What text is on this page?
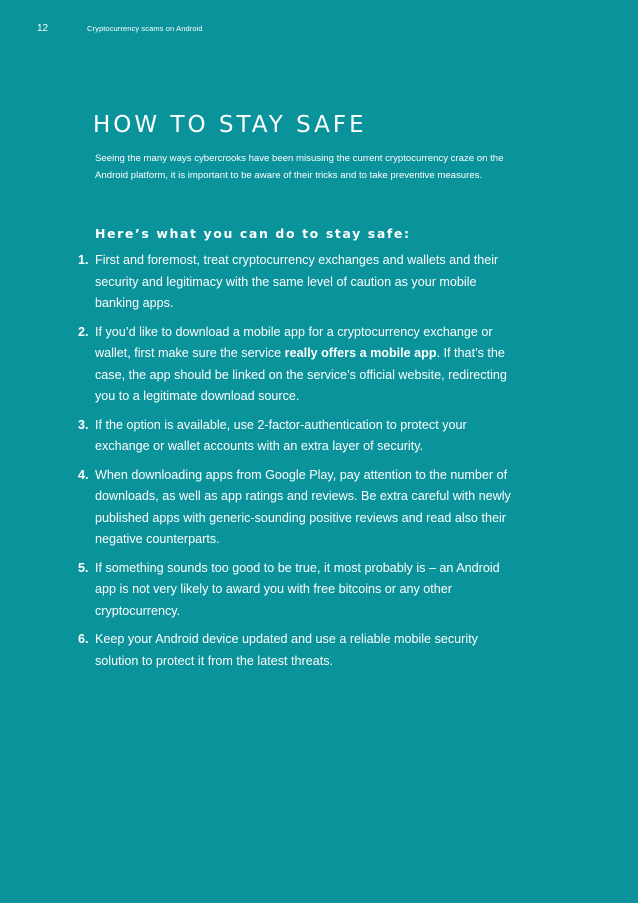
12	Cryptocurrency scams on Android
HOW TO STAY SAFE

Seeing the many ways cybercrooks have been misusing the current cryptocurrency craze on the Android platform, it is important to be aware of their tricks and to take preventive measures.

Here’s what you can do to stay safe:
1. First and foremost, treat cryptocurrency exchanges and wallets and their security and legitimacy with the same level of caution as your mobile banking apps.
2. If you’d like to download a mobile app for a cryptocurrency exchange or wallet, first make sure the service really offers a mobile app. If that’s the case, the app should be linked on the service’s official website, redirecting you to a legitimate download source.
3. If the option is available, use 2-factor-authentication to protect your exchange or wallet accounts with an extra layer of security.
4. When downloading apps from Google Play, pay attention to the number of downloads, as well as app ratings and reviews. Be extra careful with newly published apps with generic-sounding positive reviews and read also their negative counterparts.
5. If something sounds too good to be true, it most probably is – an Android app is not very likely to award you with free bitcoins or any other cryptocurrency.
6. Keep your Android device updated and use a reliable mobile security solution to protect it from the latest threats.
